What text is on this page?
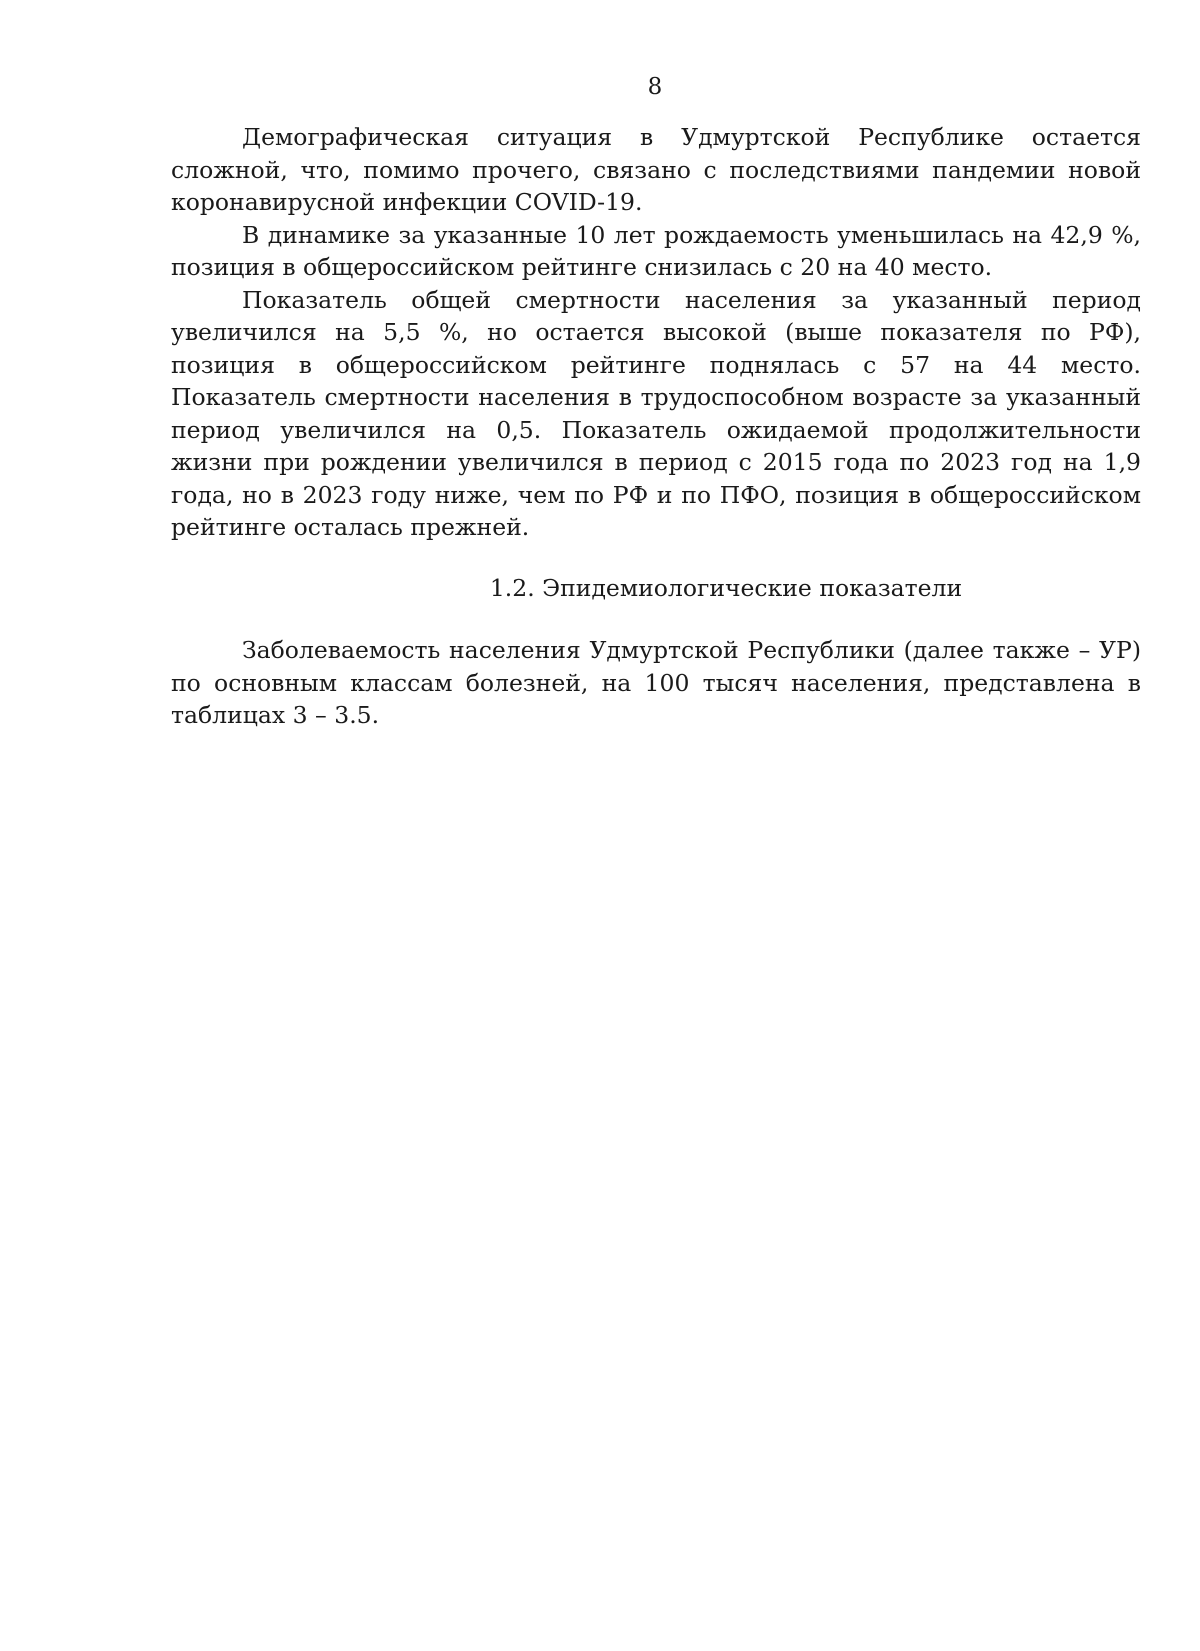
8

Демографическая ситуация в Удмуртской Республике остается сложной, что, помимо прочего, связано с последствиями пандемии новой коронавирусной инфекции COVID-19.

В динамике за указанные 10 лет рождаемость уменьшилась на 42,9 %, позиция в общероссийском рейтинге снизилась с 20 на 40 место.

Показатель общей смертности населения за указанный период увеличился на 5,5 %, но остается высокой (выше показателя по РФ), позиция в общероссийском рейтинге поднялась с 57 на 44 место. Показатель смертности населения в трудоспособном возрасте за указанный период увеличился на 0,5. Показатель ожидаемой продолжительности жизни при рождении увеличился в период с 2015 года по 2023 год на 1,9 года, но в 2023 году ниже, чем по РФ и по ПФО, позиция в общероссийском рейтинге осталась прежней.

1.2. Эпидемиологические показатели

Заболеваемость населения Удмуртской Республики (далее также – УР) по основным классам болезней, на 100 тысяч населения, представлена в таблицах 3 – 3.5.
